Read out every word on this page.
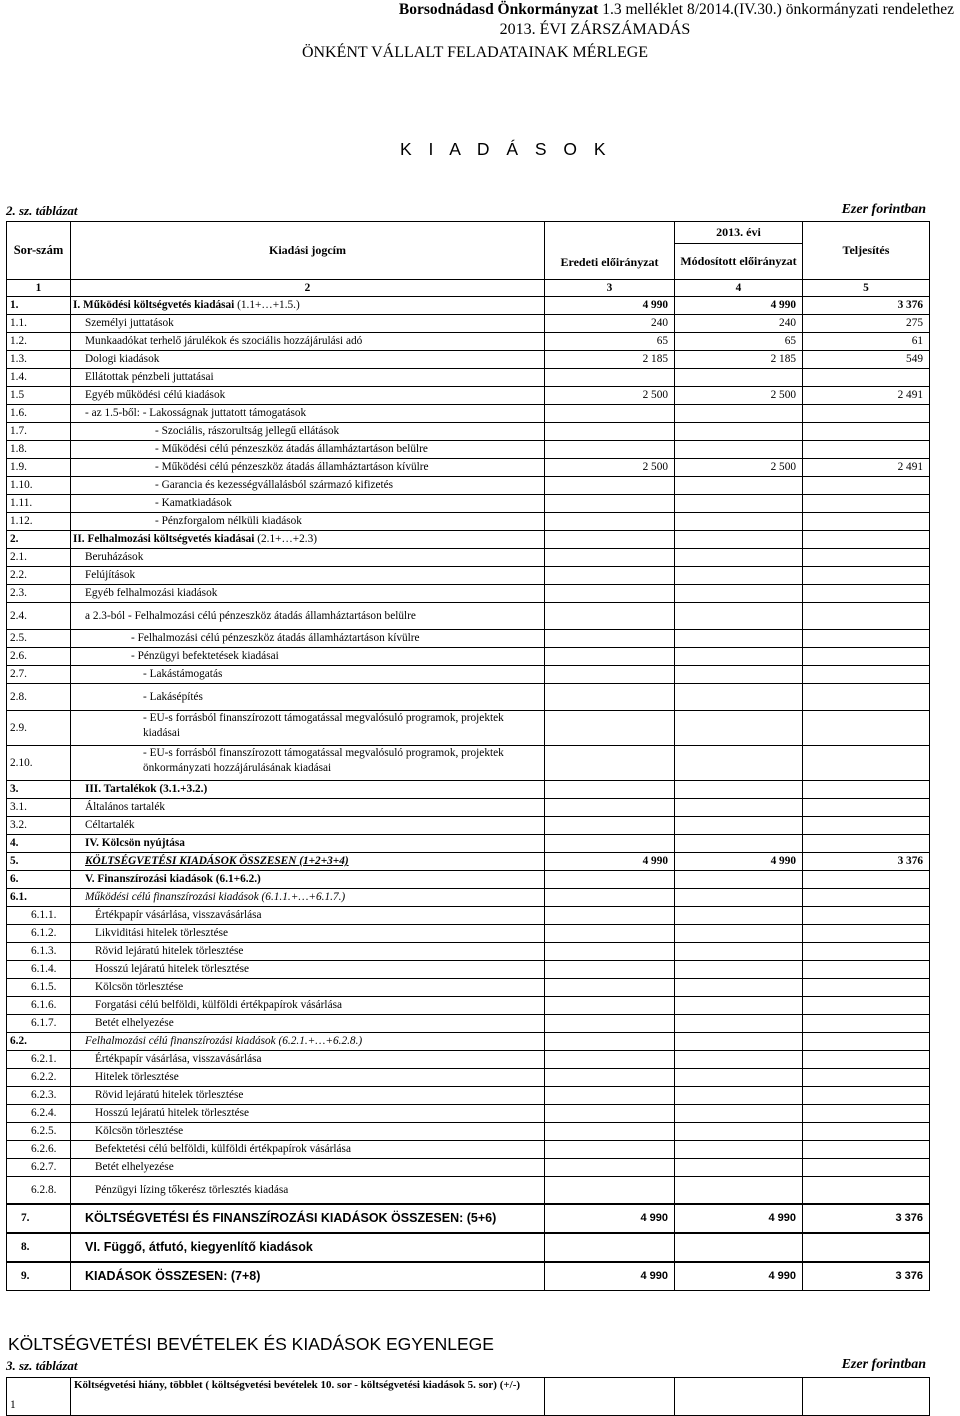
Borsodnádasd Önkormányzat 1.3 melléklet 8/2014.(IV.30.) önkormányzati rendelethez
2013. ÉVI ZÁRSZÁMADÁS
ÖNKÉNT VÁLLALT FELADATAINAK MÉRLEGE
K I A D Á S O K
2. sz. táblázat	Ezer forintban
Sor-szám	Kiadási jogcím	Eredeti előirányzat	2013. évi	Teljesítés
			Módosított előirányzat	
1	2	3	4	5
1.	I. Működési költségvetés kiadásai (1.1+…+1.5.)	4 990	4 990	3 376
1.1.	Személyi juttatások	240	240	275
1.2.	Munkaadókat terhelő járulékok és szociális hozzájárulási adó	65	65	61
1.3.	Dologi kiadások	2 185	2 185	549
1.4.	Ellátottak pénzbeli juttatásai			
1.5	Egyéb működési célú kiadások	2 500	2 500	2 491
1.6.	- az 1.5-ből: - Lakosságnak juttatott támogatások			
1.7.	- Szociális, rászorultság jellegű ellátások			
1.8.	- Működési célú pénzeszköz átadás államháztartáson belülre			
1.9.	- Működési célú pénzeszköz átadás államháztartáson kívülre	2 500	2 500	2 491
1.10.	- Garancia és kezességvállalásból származó kifizetés			
1.11.	- Kamatkiadások			
1.12.	- Pénzforgalom nélküli kiadások			
2.	II. Felhalmozási költségvetés kiadásai (2.1+…+2.3)			
2.1.	Beruházások			
2.2.	Felújítások			
2.3.	Egyéb felhalmozási kiadások			
2.4.	a 2.3-ból - Felhalmozási célú pénzeszköz átadás államháztartáson belülre			
2.5.	- Felhalmozási célú pénzeszköz átadás államháztartáson kívülre			
2.6.	- Pénzügyi befektetések kiadásai			
2.7.	- Lakástámogatás			
2.8.	- Lakásépítés			
2.9.	- EU-s forrásból finanszírozott támogatással megvalósuló programok, projektek kiadásai			
2.10.	- EU-s forrásból finanszírozott támogatással megvalósuló programok, projektek önkormányzati hozzájárulásának kiadásai			
3.	III. Tartalékok (3.1.+3.2.)			
3.1.	Általános tartalék			
3.2.	Céltartalék			
4.	IV. Kölcsön nyújtása			
5.	KÖLTSÉGVETÉSI KIADÁSOK ÖSSZESEN (1+2+3+4)	4 990	4 990	3 376
6.	V. Finanszírozási kiadások (6.1+6.2.)			
6.1.	Működési célú finanszírozási kiadások (6.1.1.+…+6.1.7.)			
6.1.1.	Értékpapír vásárlása, visszavásárlása			
6.1.2.	Likviditási hitelek törlesztése			
6.1.3.	Rövid lejáratú hitelek törlesztése			
6.1.4.	Hosszú lejáratú hitelek törlesztése			
6.1.5.	Kölcsön törlesztése			
6.1.6.	Forgatási célú belföldi, külföldi értékpapírok vásárlása			
6.1.7.	Betét elhelyezése			
6.2.	Felhalmozási célú finanszírozási kiadások (6.2.1.+…+6.2.8.)			
6.2.1.	Értékpapír vásárlása, visszavásárlása			
6.2.2.	Hitelek törlesztése			
6.2.3.	Rövid lejáratú hitelek törlesztése			
6.2.4.	Hosszú lejáratú hitelek törlesztése			
6.2.5.	Kölcsön törlesztése			
6.2.6.	Befektetési célú belföldi, külföldi értékpapírok vásárlása			
6.2.7.	Betét elhelyezése			
6.2.8.	Pénzügyi lízing tőkerész törlesztés kiadása			
7.	KÖLTSÉGVETÉSI ÉS FINANSZÍROZÁSI KIADÁSOK ÖSSZESEN: (5+6)	4 990	4 990	3 376
8.	VI. Függő, átfutó, kiegyenlítő kiadások			
9.	KIADÁSOK ÖSSZESEN: (7+8)	4 990	4 990	3 376
KÖLTSÉGVETÉSI BEVÉTELEK ÉS KIADÁSOK EGYENLEGE
3. sz. táblázat	Ezer forintban
1	Költségvetési hiány, többlet ( költségvetési bevételek 10. sor - költségvetési kiadások 5. sor) (+/-)			
